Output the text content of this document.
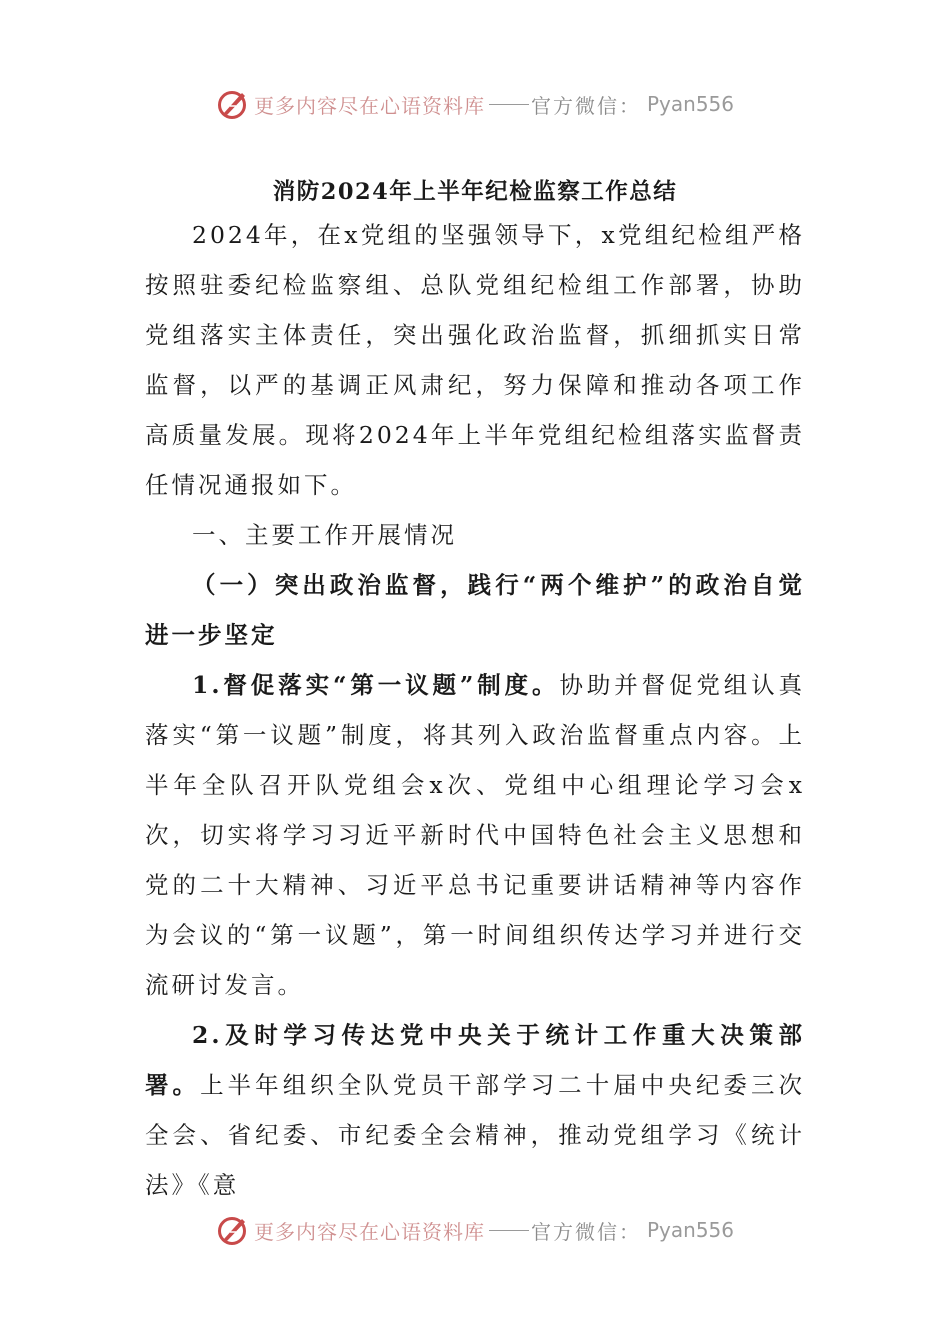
更多内容尽在心语资料库 官方微信 ： Pyan556
消防2024年上半年纪检监察工作总结

2024年，在x党组的坚强领导下，x党组纪检组严格按照驻委纪检监察组、总队党组纪检组工作部署，协助党组落实主体责任，突出强化政治监督，抓细抓实日常监督，以严的基调正风肃纪，努力保障和推动各项工作高质量发展。现将2024年上半年党组纪检组落实监督责任情况通报如下。

一、主要工作开展情况

（一）突出政治监督，践行“两个维护”的政治自觉进一步坚定

1.督促落实“第一议题”制度。协助并督促党组认真落实“第一议题”制度，将其列入政治监督重点内容。上半年全队召开队党组会x次、党组中心组理论学习会x次，切实将学习习近平新时代中国特色社会主义思想和党的二十大精神、习近平总书记重要讲话精神等内容作为会议的“第一议题”，第一时间组织传达学习并进行交流研讨发言。

2.及时学习传达党中央关于统计工作重大决策部署。上半年组织全队党员干部学习二十届中央纪委三次全会、省纪委、市纪委全会精神，推动党组学习《统计法》《意

更多内容尽在心语资料库 官方微信 ： Pyan556
